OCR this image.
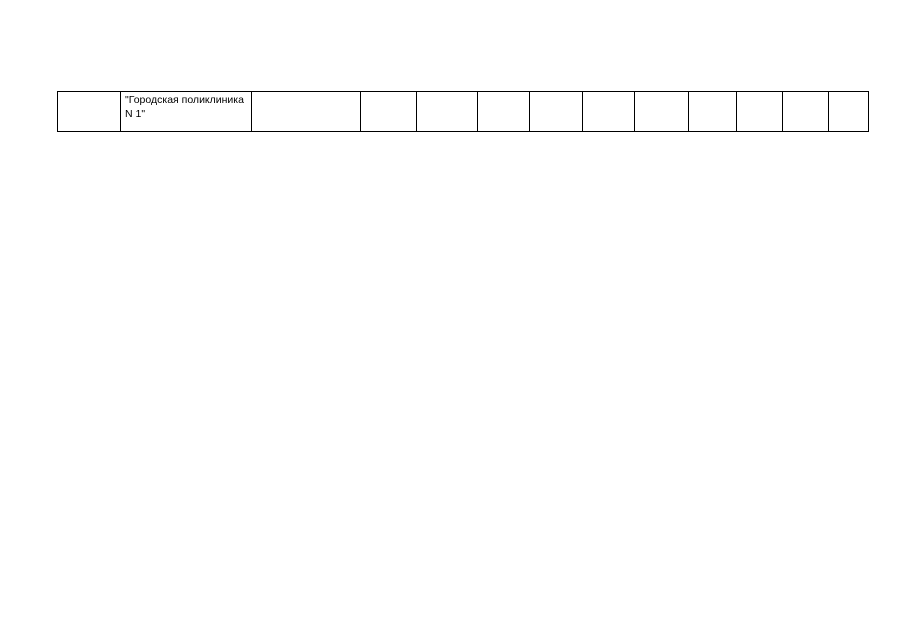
	"Городская поликлиника N 1"											
